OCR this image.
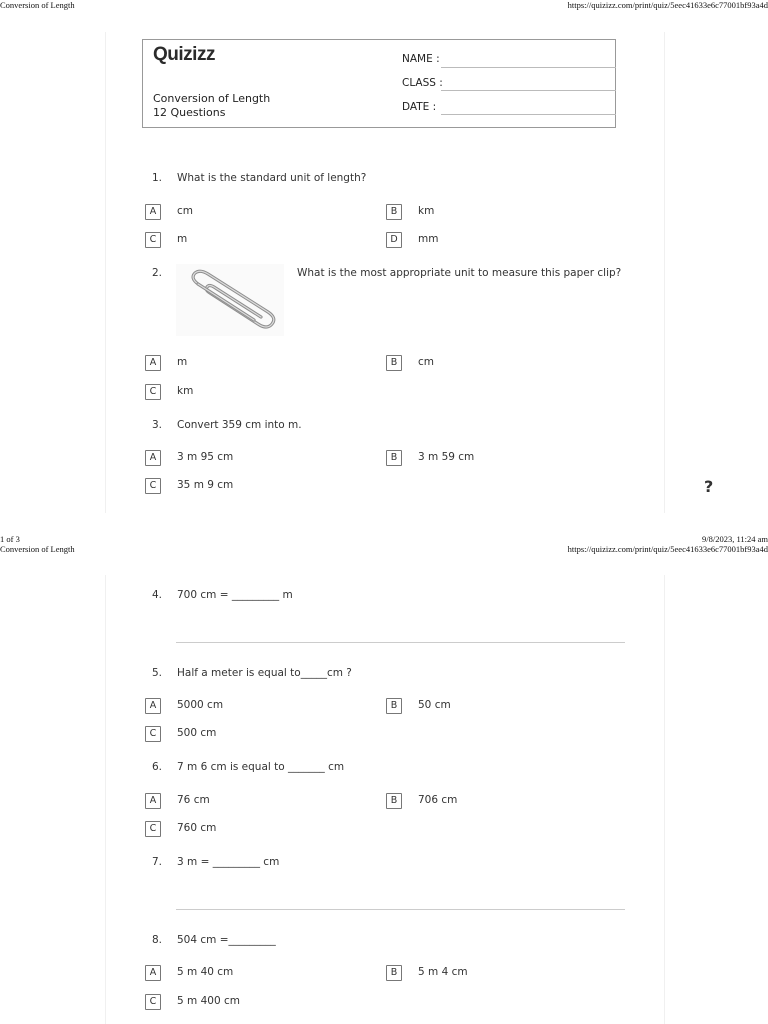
Conversion of Length	https://quizizz.com/print/quiz/5eec41633e6c77001bf93a4d
1 of 3	9/8/2023, 11:24 am
Conversion of Length	https://quizizz.com/print/quiz/5eec41633e6c77001bf93a4d
Quizizz
Conversion of Length
12 Questions
NAME :
CLASS :
DATE :
1. What is the standard unit of length?
A	cm	B	km
C	m	D	mm
2.	What is the most appropriate unit to measure this paper clip?
A	m	B	cm
C	km
3. Convert 359 cm into m.
A	3 m 95 cm	B	3 m 59 cm
C	35 m 9 cm	?
4. 700 cm = _________ m
5. Half a meter is equal to_____cm ?
A	5000 cm	B	50 cm
C	500 cm
6. 7 m 6 cm is equal to _______ cm
A	76 cm	B	706 cm
C	760 cm
7. 3 m = _________ cm
8. 504 cm =_________
A	5 m 40 cm	B	5 m 4 cm
C	5 m 400 cm
